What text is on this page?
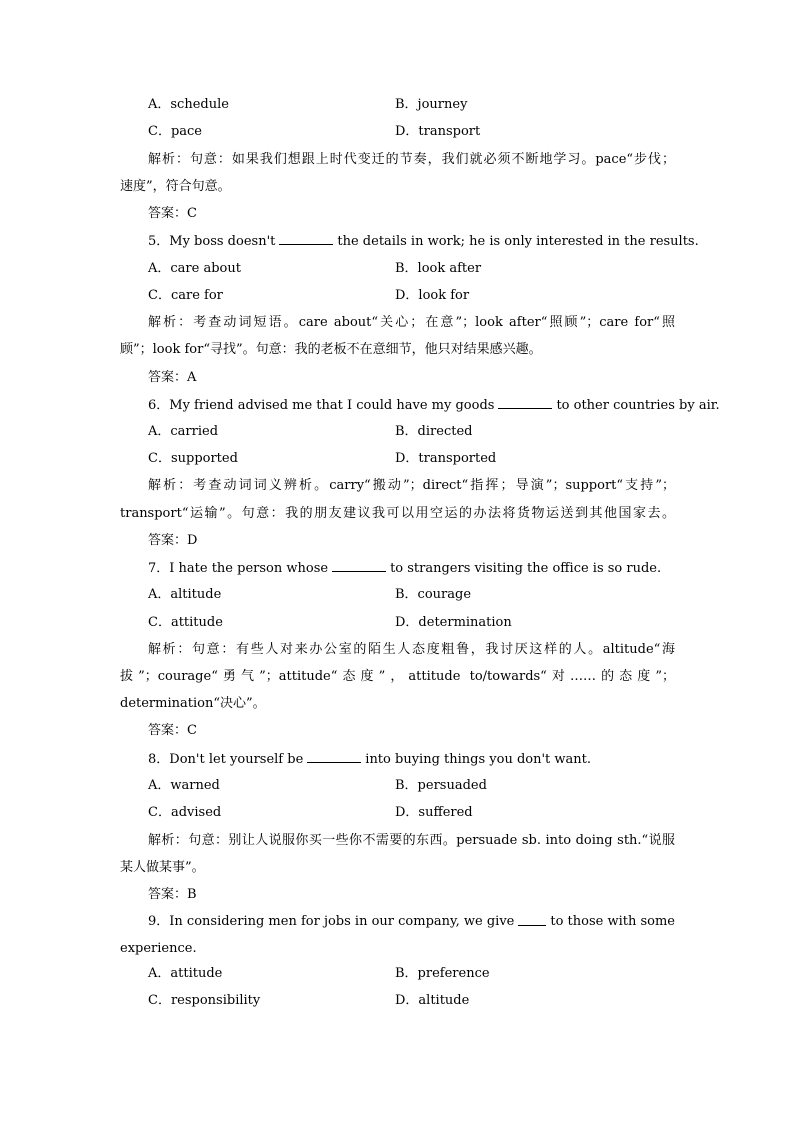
A．schedule	B．journey
C．pace	D．transport
解析：句意：如果我们想跟上时代变迁的节奏，我们就必须不断地学习。pace“步伐；
速度”，符合句意。
答案：C
5．My boss doesn't	the details in work; he is only interested in the results.
A．care about	B．look after
C．care for	D．look for
解析：考查动词短语。care about“关心；在意”；look after“照顾”；care for“照
顾”；look for“寻找”。句意：我的老板不在意细节，他只对结果感兴趣。
答案：A
6．My friend advised me that I could have my goods	to other countries by air.
A．carried	B．directed
C．supported	D．transported
解析：考查动词词义辨析。carry“搬动”；direct“指挥；导演”；support“支持”；
transport“运输”。句意：我的朋友建议我可以用空运的办法将货物运送到其他国家去。
答案：D
7．I hate the person whose	to strangers visiting the office is so rude.
A．altitude	B．courage
C．attitude	D．determination
解析：句意：有些人对来办公室的陌生人态度粗鲁，我讨厌这样的人。altitude“海
拔”；courage“勇气”；attitude“态度”，attitude to/towards“对……的态度”；
determination“决心”。
答案：C
8．Don't let yourself be	into buying things you don't want.
A．warned	B．persuaded
C．advised	D．suffered
解析：句意：别让人说服你买一些你不需要的东西。persuade sb. into doing sth.“说服
某人做某事”。
答案：B
9．In considering men for jobs in our company, we give	to those with some
experience.
A．attitude	B．preference
C．responsibility	D．altitude
